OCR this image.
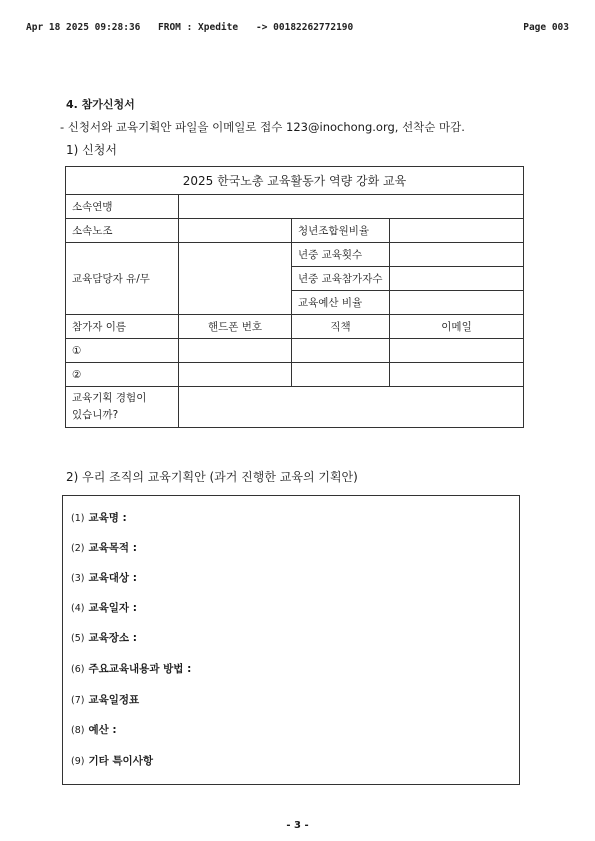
Apr 18 2025 09:28:36 FROM : Xpedite -> 00182262772190	Page 003
4. 참가신청서
- 신청서와 교육기획안 파일을 이메일로 접수 123@inochong.org, 선착순 마감.
1) 신청서
2025 한국노총 교육활동가 역량 강화 교육			
소속연맹			
소속노조		청년조합원비율	
교육담당자 유/무		년중 교육횟수	
		년중 교육참가자수	
		교육예산 비율	
참가자 이름	핸드폰 번호	직책	이메일
①			
②			

교육기획 경험이
있습니까?			

2) 우리 조직의 교육기획안 (과거 진행한 교육의 기획안)
(1) 교육명 :
(2) 교육목적 :
(3) 교육대상 :
(4) 교육일자 :
(5) 교육장소 :
(6) 주요교육내용과 방법 :
(7) 교육일정표
(8) 예산 :
(9) 기타 특이사항
- 3 -
